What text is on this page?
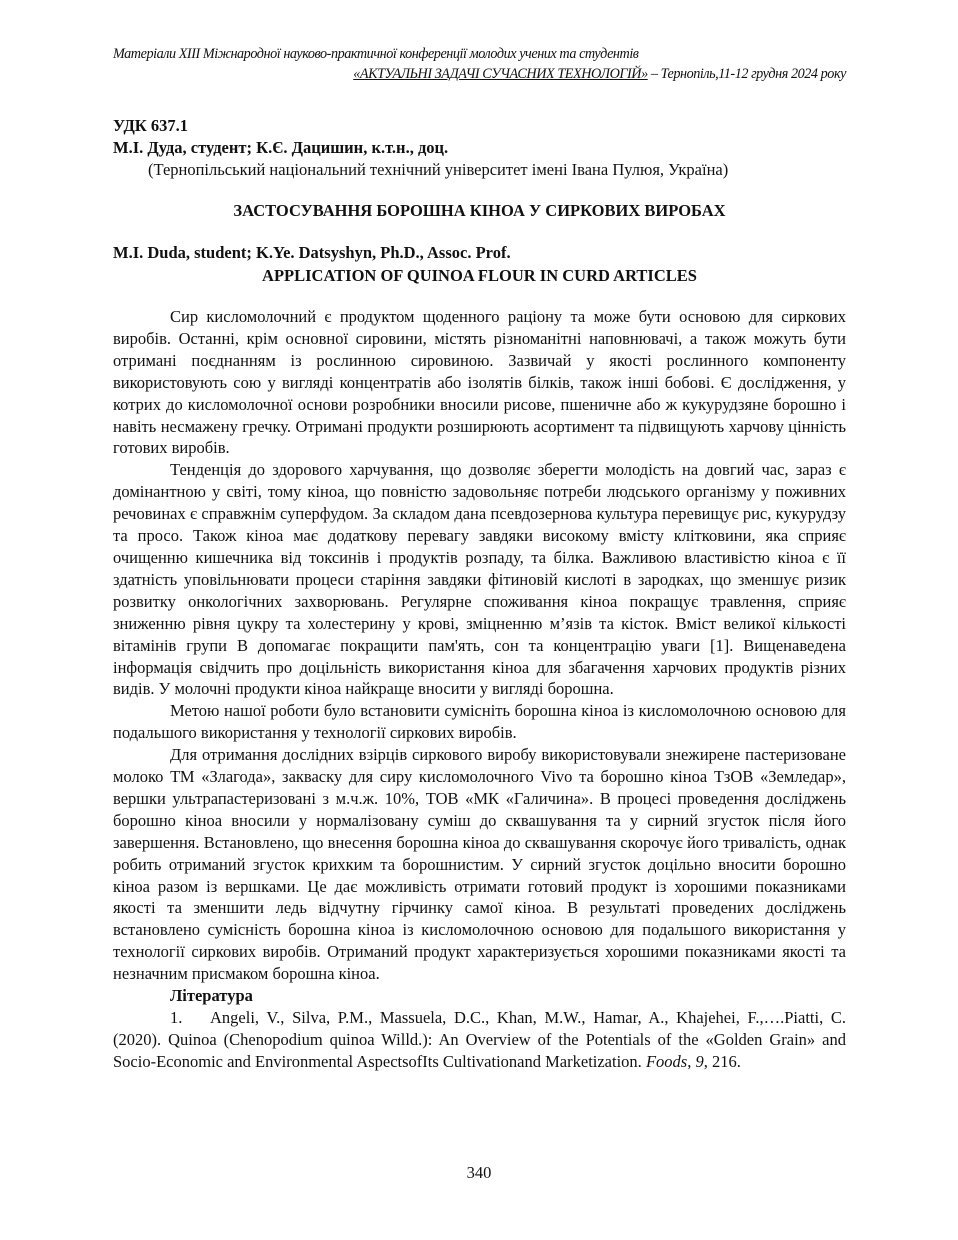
Матеріали XIII Міжнародної науково-практичної конференції молодих учених та студентів
«АКТУАЛЬНІ ЗАДАЧІ СУЧАСНИХ ТЕХНОЛОГІЙ» – Тернопіль,11-12 грудня 2024 року
УДК 637.1
М.І. Дуда, студент; К.Є. Дацишин, к.т.н., доц.
(Тернопільський національний технічний університет імені Івана Пулюя, Україна)
ЗАСТОСУВАННЯ БОРОШНА КІНОА У СИРКОВИХ ВИРОБАХ
M.I. Duda, student; K.Ye. Datsyshyn, Ph.D., Assoc. Prof.
APPLICATION OF QUINOA FLOUR IN CURD ARTICLES

Сир кисломолочний є продуктом щоденного раціону та може бути основою для сиркових виробів. Останні, крім основної сировини, містять різноманітні наповнювачі, а також можуть бути отримані поєднанням із рослинною сировиною. Зазвичай у якості рослинного компоненту використовують сою у вигляді концентратів або ізолятів білків, також інші бобові. Є дослідження, у котрих до кисломолочної основи розробники вносили рисове, пшеничне або ж кукурудзяне борошно і навіть несмажену гречку. Отримані продукти розширюють асортимент та підвищують харчову цінність готових виробів.

Тенденція до здорового харчування, що дозволяє зберегти молодість на довгий час, зараз є домінантною у світі, тому кіноа, що повністю задовольняє потреби людського організму у поживних речовинах є справжнім суперфудом. За складом дана псевдозернова культура перевищує рис, кукурудзу та просо. Також кіноа має додаткову перевагу завдяки високому вмісту клітковини, яка сприяє очищенню кишечника від токсинів і продуктів розпаду, та білка. Важливою властивістю кіноа є її здатність уповільнювати процеси старіння завдяки фітиновій кислоті в зародках, що зменшує ризик розвитку онкологічних захворювань. Регулярне споживання кіноа покращує травлення, сприяє зниженню рівня цукру та холестерину у крові, зміцненню м’язів та кісток. Вміст великої кількості вітамінів групи В допомагає покращити пам'ять, сон та концентрацію уваги [1]. Вищенаведена інформація свідчить про доцільність використання кіноа для збагачення харчових продуктів різних видів. У молочні продукти кіноа найкраще вносити у вигляді борошна.

Метою нашої роботи було встановити сумісніть борошна кіноа із кисломолочною основою для подальшого використання у технології сиркових виробів.

Для отримання дослідних взірців сиркового виробу використовували знежирене пастеризоване молоко ТМ «Злагода», закваску для сиру кисломолочного Vivo та борошно кіноа ТзОВ «Земледар», вершки ультрапастеризовані з м.ч.ж. 10%, ТОВ «МК «Галичина». В процесі проведення досліджень борошно кіноа вносили у нормалізовану суміш до сквашування та у сирний згусток після його завершення. Встановлено, що внесення борошна кіноа до сквашування скорочує його тривалість, однак робить отриманий згусток крихким та борошнистим. У сирний згусток доцільно вносити борошно кіноа разом із вершками. Це дає можливість отримати готовий продукт із хорошими показниками якості та зменшити ледь відчутну гірчинку самої кіноа. В результаті проведених досліджень встановлено сумісність борошна кіноа із кисломолочною основою для подальшого використання у технології сиркових виробів. Отриманий продукт характеризується хорошими показниками якості та незначним присмаком борошна кіноа.

Література
1. Angeli, V., Silva, P.M., Massuela, D.C., Khan, M.W., Hamar, A., Khajehei, F.,….Piatti, C. (2020). Quinoa (Chenopodium quinoa Willd.): An Overview of the Potentials of the «Golden Grain» and Socio-Economic and Environmental AspectsofIts Cultivationand Marketization. Foods, 9, 216.
340
